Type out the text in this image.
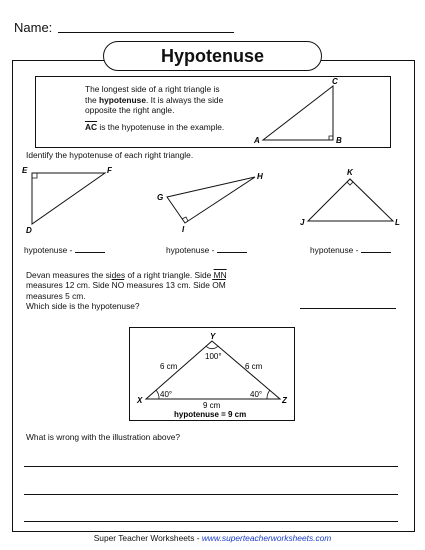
Name:
Hypotenuse
The longest side of a right triangle is
the hypotenuse. It is always the side
opposite the right angle.
$\overline{AC}$ is the hypotenuse in the example.
A	B
C
Identify the hypotenuse of each right triangle.
E	F
D
G
H
I
K
J	L
hypotenuse -	hypotenuse -	hypotenuse -
Devan measures the sides of a right triangle. Side $\overline{MN}$
measures 12 cm. Side $\overline{NO}$ measures 13 cm. Side $\overline{OM}$
measures 5 cm.
Which side is the hypotenuse?
Y
X	Z
100°
40°	40°
6 cm	6 cm
9 cm
hypotenuse = 9 cm
What is wrong with the illustration above?
Super Teacher Worksheets - www.superteacherworksheets.com
